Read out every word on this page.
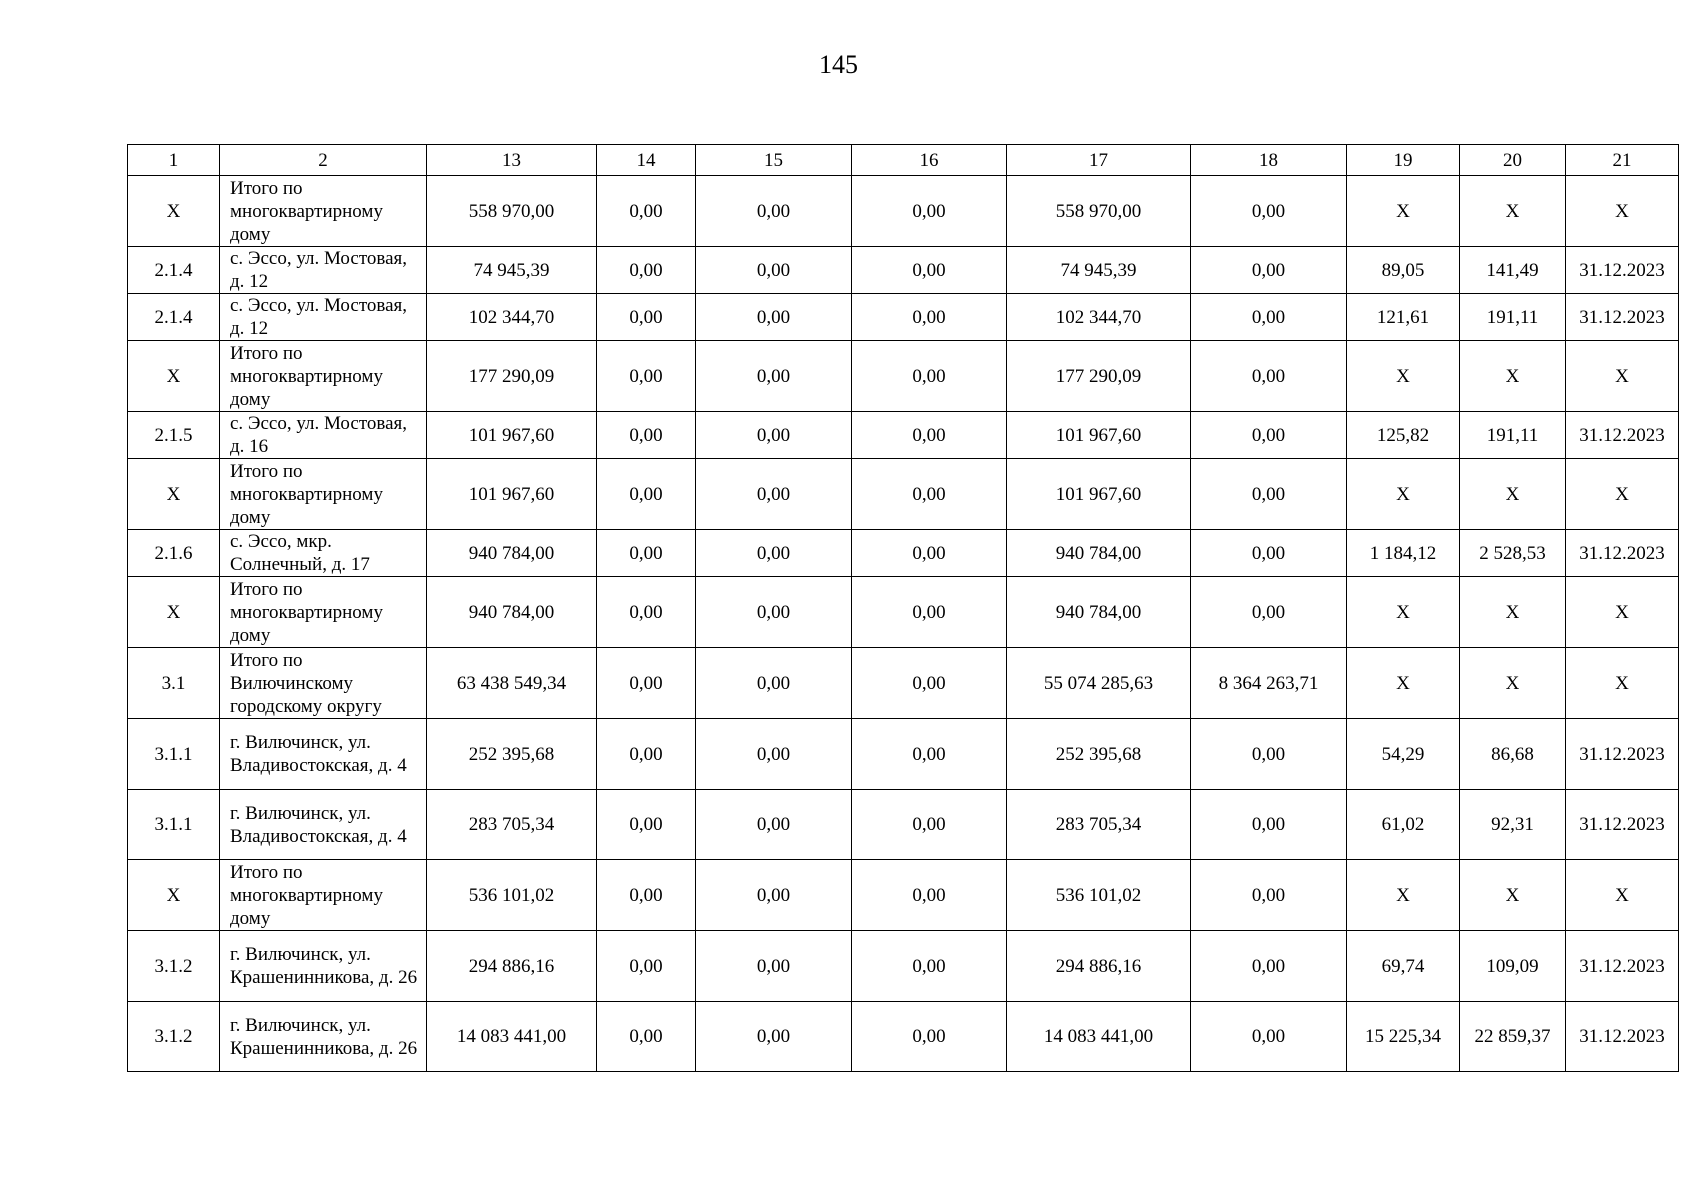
145
1	2	13	14	15	16	17	18	19	20	21
X	Итого по многоквартирному дому	558 970,00	0,00	0,00	0,00	558 970,00	0,00	X	X	X
2.1.4	с. Эссо, ул. Мостовая, д. 12	74 945,39	0,00	0,00	0,00	74 945,39	0,00	89,05	141,49	31.12.2023
2.1.4	с. Эссо, ул. Мостовая, д. 12	102 344,70	0,00	0,00	0,00	102 344,70	0,00	121,61	191,11	31.12.2023
X	Итого по многоквартирному дому	177 290,09	0,00	0,00	0,00	177 290,09	0,00	X	X	X
2.1.5	с. Эссо, ул. Мостовая, д. 16	101 967,60	0,00	0,00	0,00	101 967,60	0,00	125,82	191,11	31.12.2023
X	Итого по многоквартирному дому	101 967,60	0,00	0,00	0,00	101 967,60	0,00	X	X	X
2.1.6	с. Эссо, мкр. Солнечный, д. 17	940 784,00	0,00	0,00	0,00	940 784,00	0,00	1 184,12	2 528,53	31.12.2023
X	Итого по многоквартирному дому	940 784,00	0,00	0,00	0,00	940 784,00	0,00	X	X	X
3.1	Итого по Вилючинскому городскому округу	63 438 549,34	0,00	0,00	0,00	55 074 285,63	8 364 263,71	X	X	X
3.1.1	г. Вилючинск, ул. Владивостокская, д. 4	252 395,68	0,00	0,00	0,00	252 395,68	0,00	54,29	86,68	31.12.2023
3.1.1	г. Вилючинск, ул. Владивостокская, д. 4	283 705,34	0,00	0,00	0,00	283 705,34	0,00	61,02	92,31	31.12.2023
X	Итого по многоквартирному дому	536 101,02	0,00	0,00	0,00	536 101,02	0,00	X	X	X
3.1.2	г. Вилючинск, ул. Крашенинникова, д. 26	294 886,16	0,00	0,00	0,00	294 886,16	0,00	69,74	109,09	31.12.2023
3.1.2	г. Вилючинск, ул. Крашенинникова, д. 26	14 083 441,00	0,00	0,00	0,00	14 083 441,00	0,00	15 225,34	22 859,37	31.12.2023
